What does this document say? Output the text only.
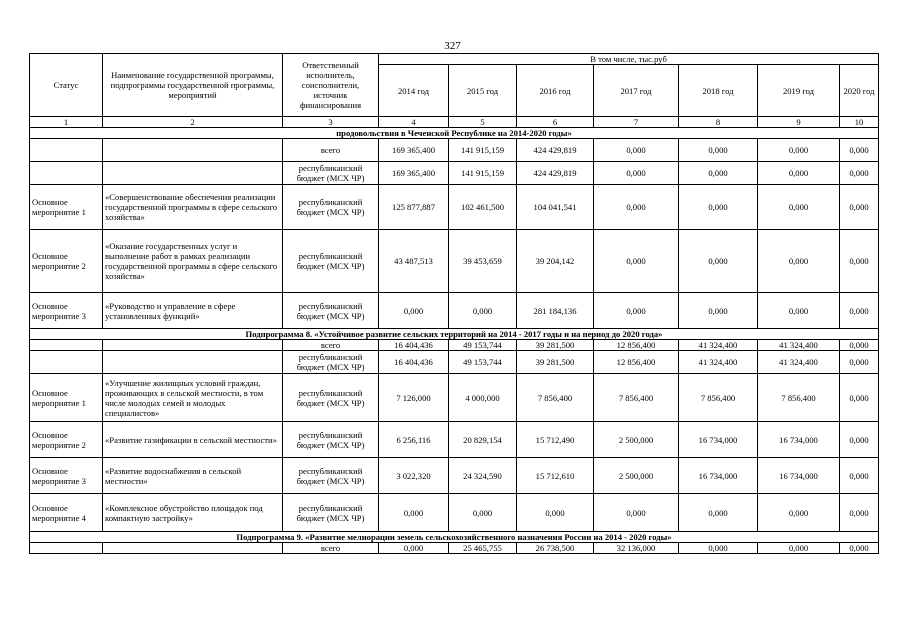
327
Статус	Наименование государственной программы, подпрограммы государственной программы, мероприятий	Ответственный исполнитель, соисполнители, источник финансирования	В том числе, тыс.руб						
			2014 год	2015 год	2016 год	2017 год	2018 год	2019 год	2020 год
1	2	3	4	5	6	7	8	9	10
продовольствия в Чеченской Республике на 2014-2020 годы»									
		всего	169 365,400	141 915,159	424 429,819	0,000	0,000	0,000	0,000
		республиканский бюджет (МСХ ЧР)	169 365,400	141 915,159	424 429,819	0,000	0,000	0,000	0,000
Основное мероприятие 1	«Совершенствование обеспечения реализации государственной программы в сфере сельского хозяйства»	республиканский бюджет (МСХ ЧР)	125 877,887	102 461,500	104 041,541	0,000	0,000	0,000	0,000
Основное мероприятие 2	«Оказание государственных услуг и выполнение работ в рамках реализации государственной программы в сфере сельского хозяйства»	республиканский бюджет (МСХ ЧР)	43 487,513	39 453,659	39 204,142	0,000	0,000	0,000	0,000
Основное мероприятие 3	«Руководство и управление в сфере установленных функций»	республиканский бюджет (МСХ ЧР)	0,000	0,000	281 184,136	0,000	0,000	0,000	0,000
Подпрограмма 8. «Устойчивое развитие сельских территорий на 2014 - 2017 годы и на период до 2020 года»									
		всего	16 404,436	49 153,744	39 281,500	12 856,400	41 324,400	41 324,400	0,000
		республиканский бюджет (МСХ ЧР)	16 404,436	49 153,744	39 281,500	12 856,400	41 324,400	41 324,400	0,000
Основное мероприятие 1	«Улучшение жилищных условий граждан, проживающих в сельской местности, в том числе молодых семей и молодых специалистов»	республиканский бюджет (МСХ ЧР)	7 126,000	4 000,000	7 856,400	7 856,400	7 856,400	7 856,400	0,000
Основное мероприятие 2	«Развитие газификации в сельской местности»	республиканский бюджет (МСХ ЧР)	6 256,116	20 829,154	15 712,490	2 500,000	16 734,000	16 734,000	0,000
Основное мероприятие 3	«Развитие водоснабжения в сельской местности»	республиканский бюджет (МСХ ЧР)	3 022,320	24 324,590	15 712,610	2 500,000	16 734,000	16 734,000	0,000
Основное мероприятие 4	«Комплексное обустройство площадок под компактную застройку»	республиканский бюджет (МСХ ЧР)	0,000	0,000	0,000	0,000	0,000	0,000	0,000
Подпрограмма 9. «Развитие мелиорации земель сельскохозяйственного назначения России на 2014 - 2020 годы»									
		всего	0,000	25 465,755	26 738,500	32 136,000	0,000	0,000	0,000
